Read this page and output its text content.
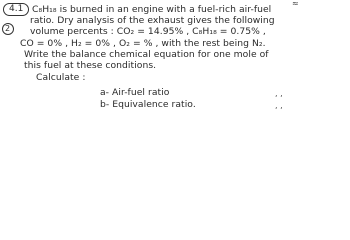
4.1
2
≈
C₈H₁₈ is burned in an engine with a fuel-rich air-fuel
ratio. Dry analysis of the exhaust gives the following
volume percents : CO₂ = 14.95% , C₈H₁₈ = 0.75% ,
CO = 0% , H₂ = 0% , O₂ = % , with the rest being N₂.
Write the balance chemical equation for one mole of
this fuel at these conditions.
Calculate :
a- Air-fuel ratio
b- Equivalence ratio.
, ,
, ,
